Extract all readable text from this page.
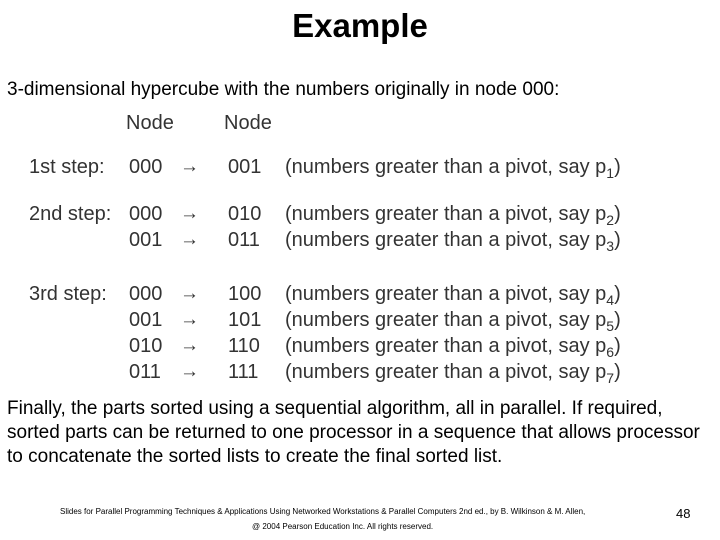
Example
3-dimensional hypercube with the numbers originally in node 000:
Node	Node
1st step: 000 → 001 (numbers greater than a pivot, say $p_1$)
2nd step: 000 → 010 (numbers greater than a pivot, say $p_2$)
001 → 011 (numbers greater than a pivot, say $p_3$)
3rd step: 000 → 100 (numbers greater than a pivot, say $p_4$)
001 → 101 (numbers greater than a pivot, say $p_5$)
010 → 110 (numbers greater than a pivot, say $p_6$)
011 → 111 (numbers greater than a pivot, say $p_7$)
Finally, the parts sorted using a sequential algorithm, all in parallel. If required, sorted parts can be returned to one processor in a sequence that allows processor to concatenate the sorted lists to create the final sorted list.
Slides for Parallel Programming Techniques & Applications Using Networked Workstations & Parallel Computers 2nd ed., by B. Wilkinson & M. Allen,
@ 2004 Pearson Education Inc. All rights reserved.
48
